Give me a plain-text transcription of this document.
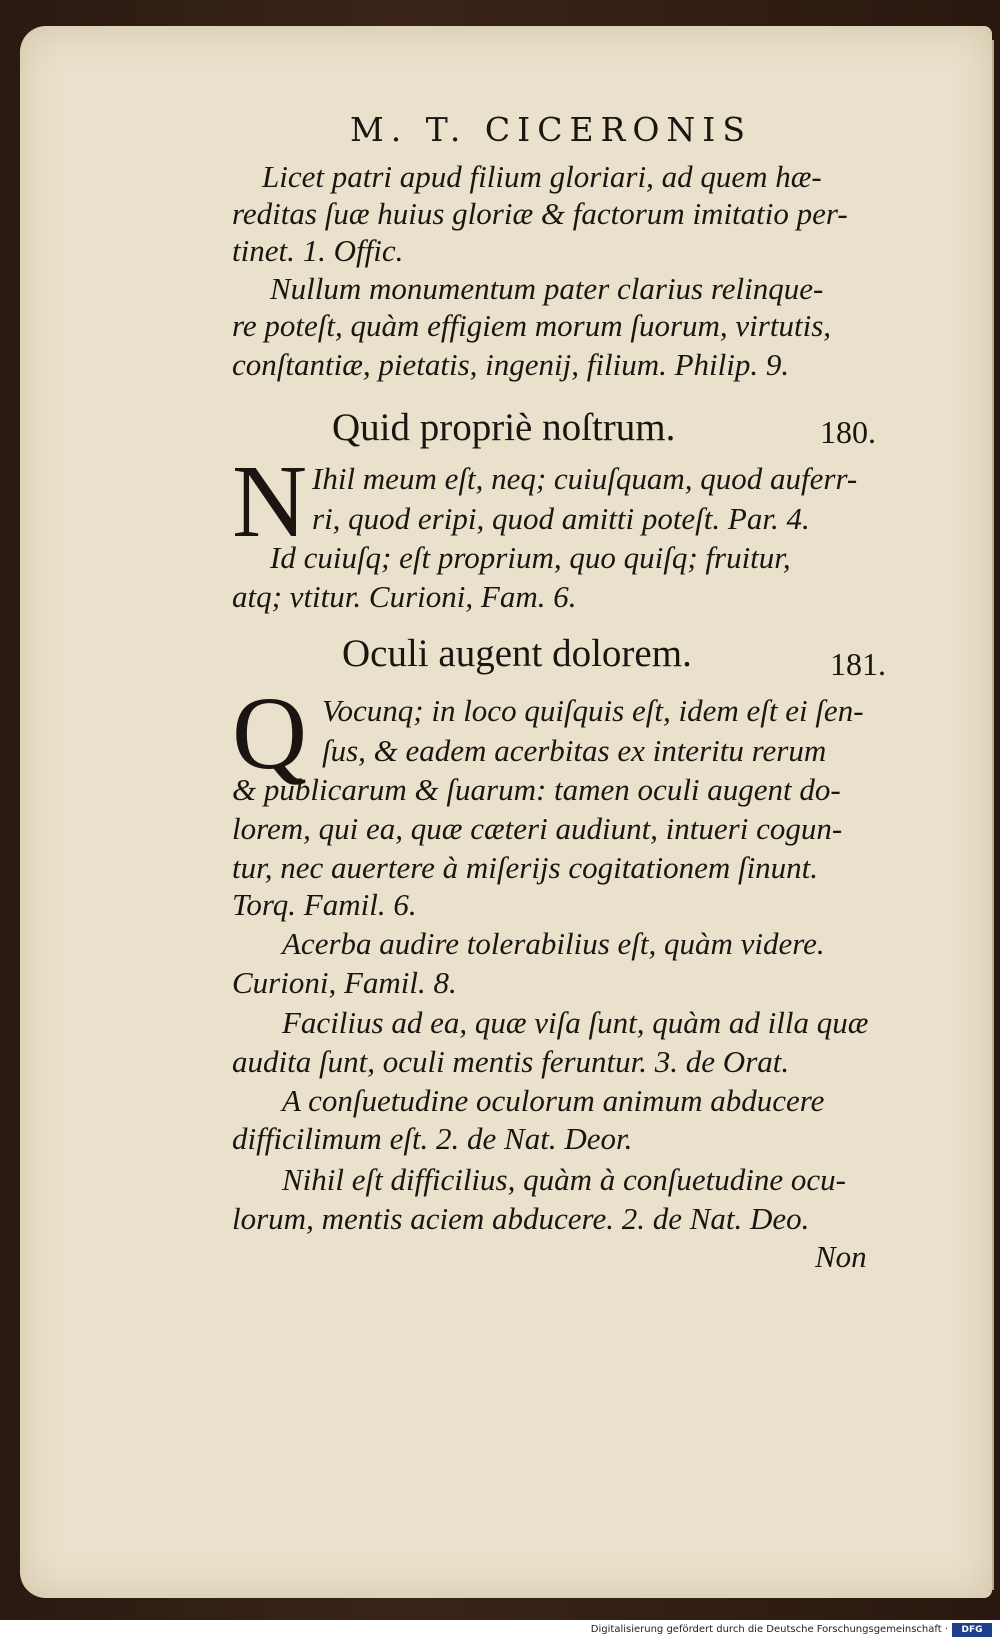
M. T. CICERONIS
Licet patri apud filium gloriari, ad quem hæ-
reditas ſuæ huius gloriæ & factorum imitatio per-
tinet. 1. Offic.
Nullum monumentum pater clarius relinque-
re poteſt, quàm effigiem morum ſuorum, virtutis,
conſtantiæ, pietatis, ingenij, filium. Philip. 9.
Quid propriè noſtrum.	180.
N Ihil meum eſt, neq; cuiuſquam, quod auferr-
ri, quod eripi, quod amitti poteſt. Par. 4.
Id cuiuſq; eſt proprium, quo quiſq; fruitur,
atq; vtitur. Curioni, Fam. 6.
Oculi augent dolorem.	181.
Q Vocunq; in loco quiſquis eſt, idem eſt ei ſen-
ſus, & eadem acerbitas ex interitu rerum
& publicarum & ſuarum: tamen oculi augent do-
lorem, qui ea, quæ cæteri audiunt, intueri cogun-
tur, nec auertere à miſerijs cogitationem ſinunt.
Torq. Famil. 6.
Acerba audire tolerabilius eſt, quàm videre.
Curioni, Famil. 8.
Facilius ad ea, quæ viſa ſunt, quàm ad illa quæ
audita ſunt, oculi mentis feruntur. 3. de Orat.
A conſuetudine oculorum animum abducere
difficilimum eſt. 2. de Nat. Deor.
Nihil eſt difficilius, quàm à conſuetudine ocu-
lorum, mentis aciem abducere. 2. de Nat. Deo.
Non
Digitalisierung gefördert durch die Deutsche Forschungsgemeinschaft ·	DFG
